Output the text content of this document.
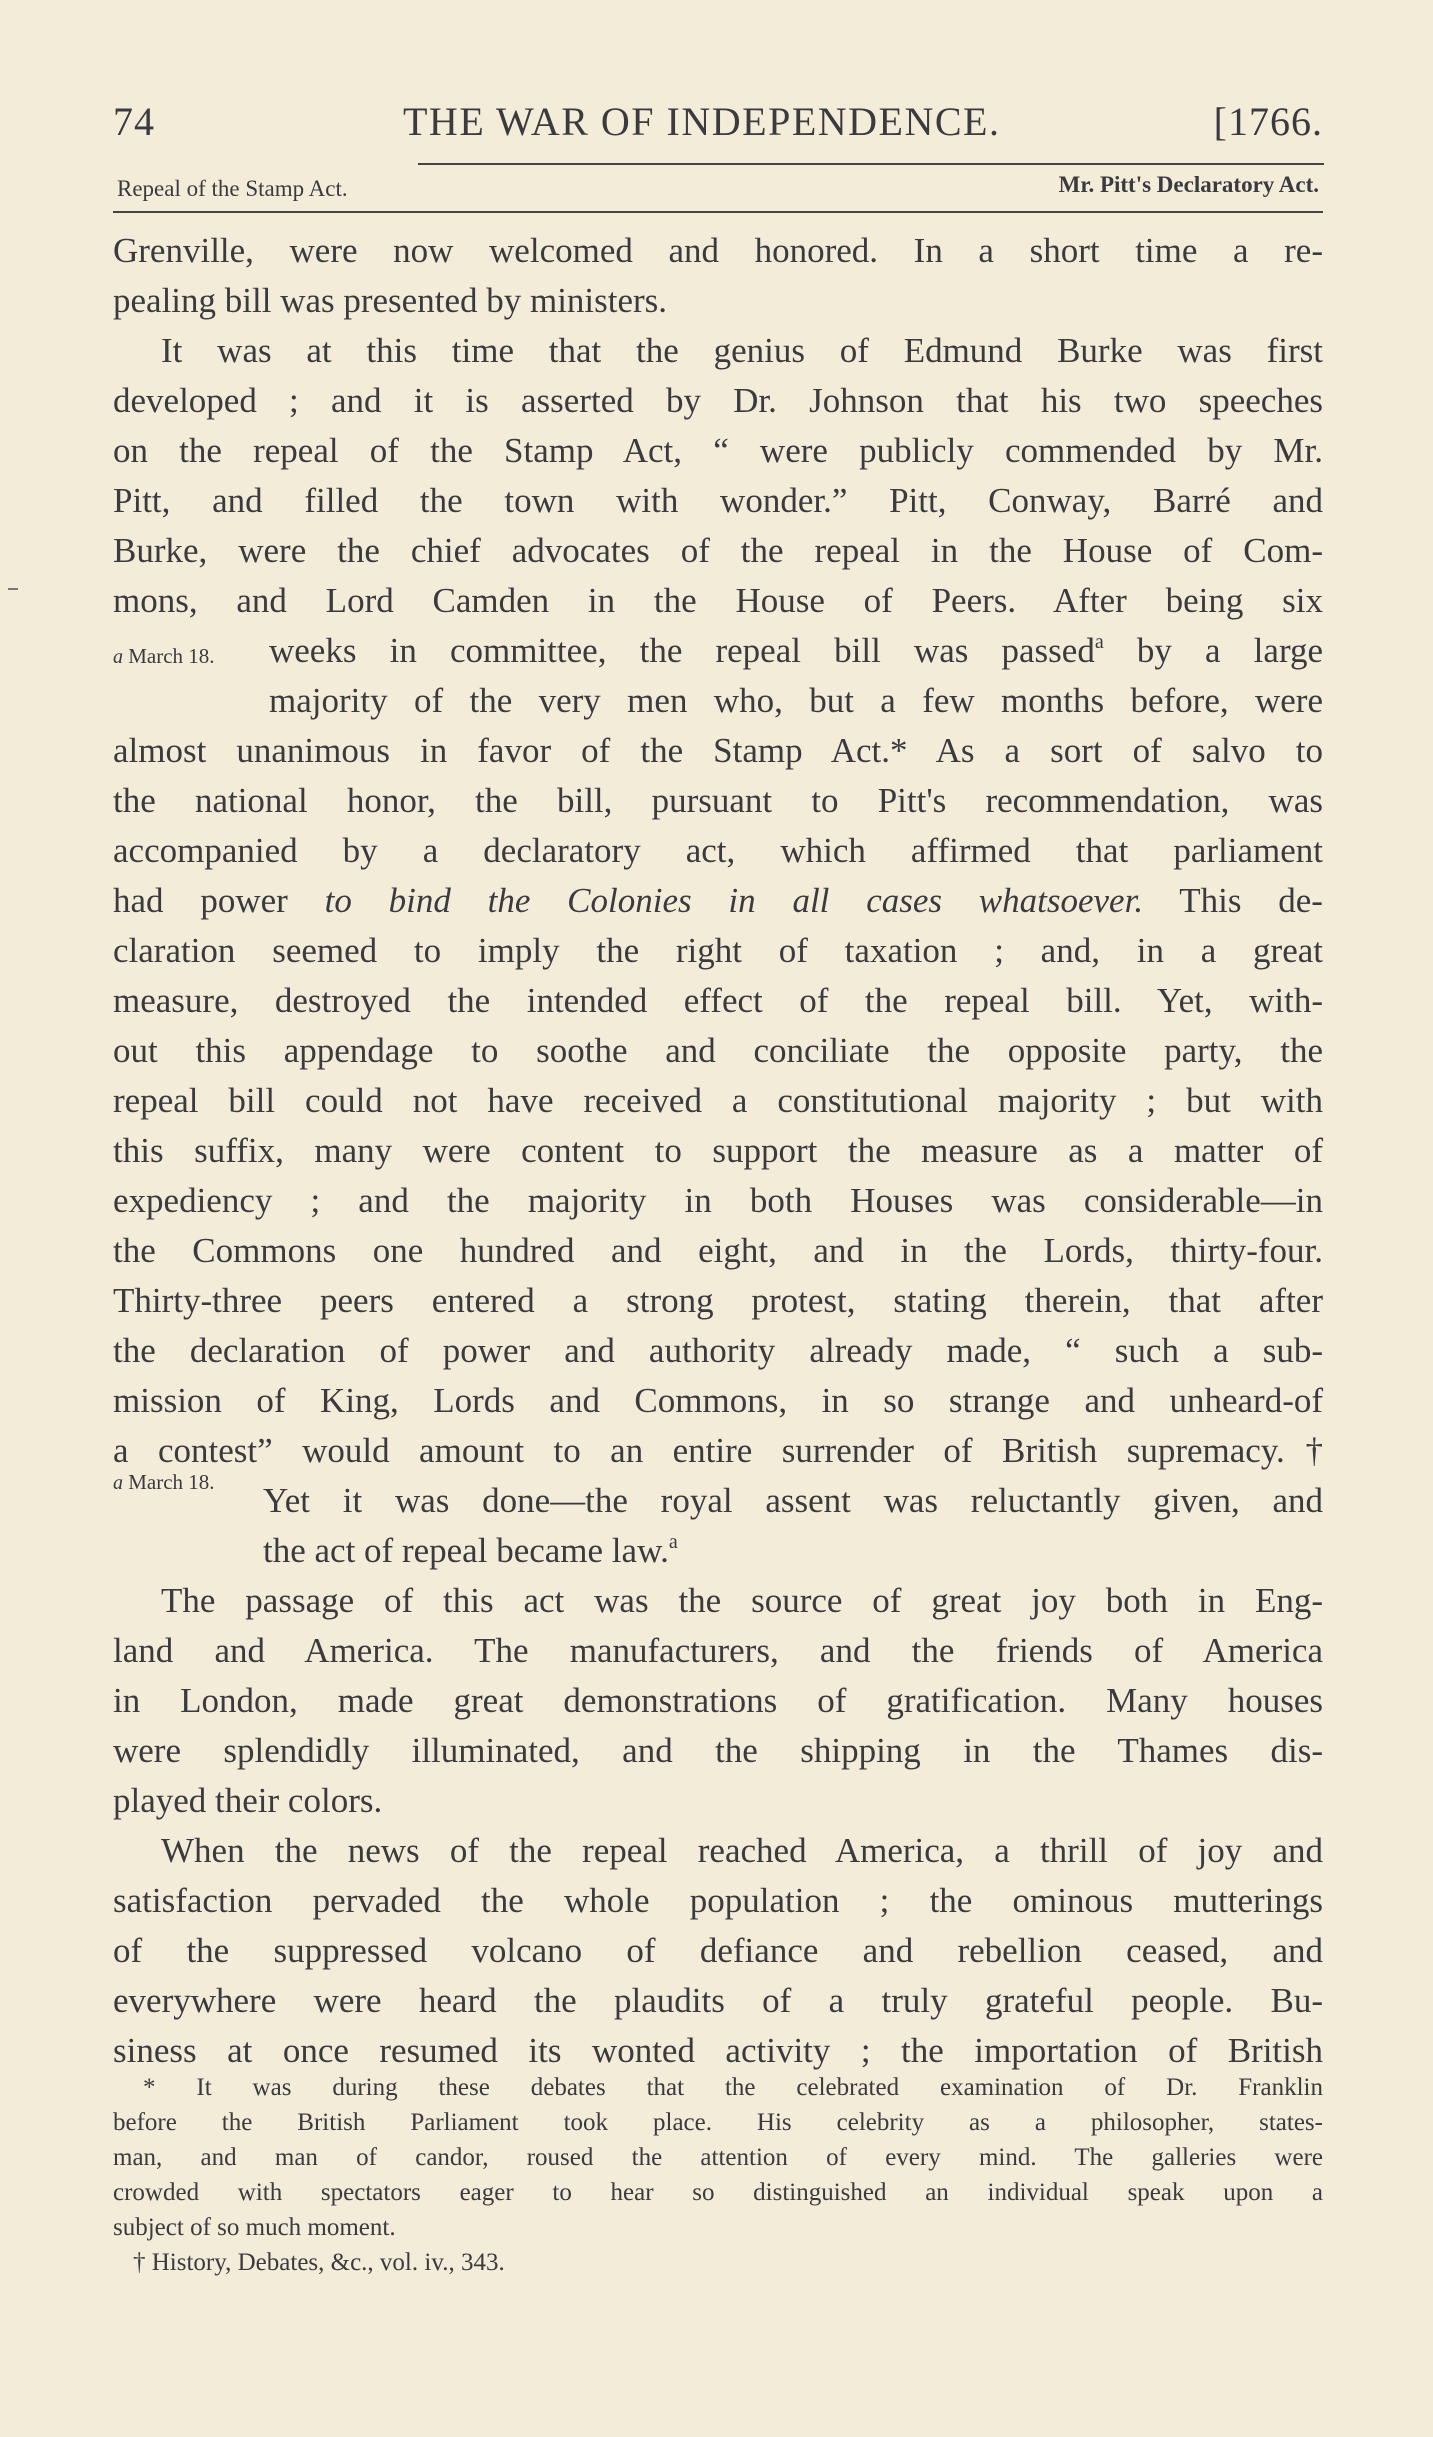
74	THE WAR OF INDEPENDENCE.	[1766.
Repeal of the Stamp Act.	Mr. Pitt's Declaratory Act.
a March 18.
a March 18.
Grenville, were now welcomed and honored. In a short time a re-
pealing bill was presented by ministers.
It was at this time that the genius of Edmund Burke was first
developed ; and it is asserted by Dr. Johnson that his two speeches
on the repeal of the Stamp Act, “ were publicly commended by Mr.
Pitt, and filled the town with wonder.” Pitt, Conway, Barré and
Burke, were the chief advocates of the repeal in the House of Com-
mons, and Lord Camden in the House of Peers. After being six
weeks in committee, the repeal bill was passed$^a$ by a large
majority of the very men who, but a few months before, were
almost unanimous in favor of the Stamp Act.* As a sort of salvo to
the national honor, the bill, pursuant to Pitt's recommendation, was
accompanied by a declaratory act, which affirmed that parliament
had power to bind the Colonies in all cases whatsoever. This de-
claration seemed to imply the right of taxation ; and, in a great
measure, destroyed the intended effect of the repeal bill. Yet, with-
out this appendage to soothe and conciliate the opposite party, the
repeal bill could not have received a constitutional majority ; but with
this suffix, many were content to support the measure as a matter of
expediency ; and the majority in both Houses was considerable—in
the Commons one hundred and eight, and in the Lords, thirty-four.
Thirty-three peers entered a strong protest, stating therein, that after
the declaration of power and authority already made, “ such a sub-
mission of King, Lords and Commons, in so strange and unheard-of
a contest” would amount to an entire surrender of British supremacy.†
Yet it was done—the royal assent was reluctantly given, and
the act of repeal became law.$^a$
The passage of this act was the source of great joy both in Eng-
land and America. The manufacturers, and the friends of America
in London, made great demonstrations of gratification. Many houses
were splendidly illuminated, and the shipping in the Thames dis-
played their colors.
When the news of the repeal reached America, a thrill of joy and
satisfaction pervaded the whole population ; the ominous mutterings
of the suppressed volcano of defiance and rebellion ceased, and
everywhere were heard the plaudits of a truly grateful people. Bu-
siness at once resumed its wonted activity ; the importation of British
* It was during these debates that the celebrated examination of Dr. Franklin
before the British Parliament took place. His celebrity as a philosopher, states-
man, and man of candor, roused the attention of every mind. The galleries were
crowded with spectators eager to hear so distinguished an individual speak upon a
subject of so much moment.
† History, Debates, &c., vol. iv., 343.
